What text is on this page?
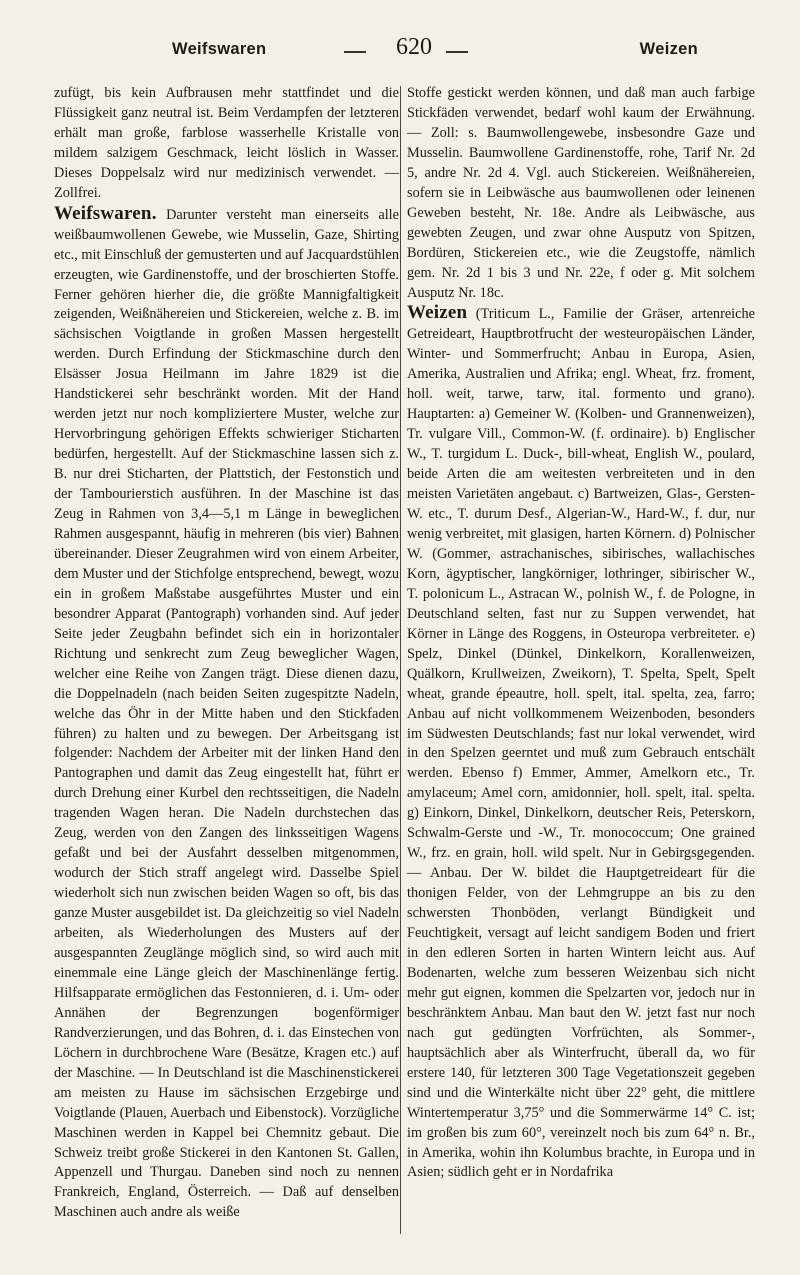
Weifswaren	620	Weizen

zufügt, bis kein Aufbrausen mehr stattfindet und die Flüssigkeit ganz neutral ist. Beim Verdampfen der letzteren erhält man große, farblose wasserhelle Kristalle von mildem salzigem Geschmack, leicht löslich in Wasser. Dieses Doppelsalz wird nur medizinisch verwendet. — Zollfrei.

Weifswaren. Darunter versteht man einerseits alle weißbaumwollenen Gewebe, wie Musselin, Gaze, Shirting etc., mit Einschluß der gemusterten und auf Jacquardstühlen erzeugten, wie Gardinenstoffe, und der broschierten Stoffe. Ferner gehören hierher die, die größte Mannigfaltigkeit zeigenden, Weißnähereien und Stickereien, welche z. B. im sächsischen Voigtlande in großen Massen hergestellt werden. Durch Erfindung der Stickmaschine durch den Elsässer Josua Heilmann im Jahre 1829 ist die Handstickerei sehr beschränkt worden. Mit der Hand werden jetzt nur noch kompliziertere Muster, welche zur Hervorbringung gehörigen Effekts schwieriger Sticharten bedürfen, hergestellt. Auf der Stickmaschine lassen sich z. B. nur drei Sticharten, der Plattstich, der Festonstich und der Tambourierstich ausführen. In der Maschine ist das Zeug in Rahmen von 3,4—5,1 m Länge in beweglichen Rahmen ausgespannt, häufig in mehreren (bis vier) Bahnen übereinander. Dieser Zeugrahmen wird von einem Arbeiter, dem Muster und der Stichfolge entsprechend, bewegt, wozu ein in großem Maßstabe ausgeführtes Muster und ein besondrer Apparat (Pantograph) vorhanden sind. Auf jeder Seite jeder Zeugbahn befindet sich ein in horizontaler Richtung und senkrecht zum Zeug beweglicher Wagen, welcher eine Reihe von Zangen trägt. Diese dienen dazu, die Doppelnadeln (nach beiden Seiten zugespitzte Nadeln, welche das Öhr in der Mitte haben und den Stickfaden führen) zu halten und zu bewegen. Der Arbeitsgang ist folgender: Nachdem der Arbeiter mit der linken Hand den Pantographen und damit das Zeug eingestellt hat, führt er durch Drehung einer Kurbel den rechtsseitigen, die Nadeln tragenden Wagen heran. Die Nadeln durchstechen das Zeug, werden von den Zangen des linksseitigen Wagens gefaßt und bei der Ausfahrt desselben mitgenommen, wodurch der Stich straff angelegt wird. Dasselbe Spiel wiederholt sich nun zwischen beiden Wagen so oft, bis das ganze Muster ausgebildet ist. Da gleichzeitig so viel Nadeln arbeiten, als Wiederholungen des Musters auf der ausgespannten Zeuglänge möglich sind, so wird auch mit einemmale eine Länge gleich der Maschinenlänge fertig. Hilfsapparate ermöglichen das Festonnieren, d. i. Um- oder Annähen der Begrenzungen bogenförmiger Randverzierungen, und das Bohren, d. i. das Einstechen von Löchern in durchbrochene Ware (Besätze, Kragen etc.) auf der Maschine. — In Deutschland ist die Maschinenstickerei am meisten zu Hause im sächsischen Erzgebirge und Voigtlande (Plauen, Auerbach und Eibenstock). Vorzügliche Maschinen werden in Kappel bei Chemnitz gebaut. Die Schweiz treibt große Stickerei in den Kantonen St. Gallen, Appenzell und Thurgau. Daneben sind noch zu nennen Frankreich, England, Österreich. — Daß auf denselben Maschinen auch andre als weiße

Stoffe gestickt werden können, und daß man auch farbige Stickfäden verwendet, bedarf wohl kaum der Erwähnung. — Zoll: s. Baumwollengewebe, insbesondre Gaze und Musselin. Baumwollene Gardinenstoffe, rohe, Tarif Nr. 2d 5, andre Nr. 2d 4. Vgl. auch Stickereien. Weißnähereien, sofern sie in Leibwäsche aus baumwollenen oder leinenen Geweben besteht, Nr. 18e. Andre als Leibwäsche, aus gewebten Zeugen, und zwar ohne Ausputz von Spitzen, Bordüren, Stickereien etc., wie die Zeugstoffe, nämlich gem. Nr. 2d 1 bis 3 und Nr. 22e, f oder g. Mit solchem Ausputz Nr. 18c.

Weizen (Triticum L., Familie der Gräser, artenreiche Getreideart, Hauptbrotfrucht der westeuropäischen Länder, Winter- und Sommerfrucht; Anbau in Europa, Asien, Amerika, Australien und Afrika; engl. Wheat, frz. froment, holl. weit, tarwe, tarw, ital. formento und grano). Hauptarten: a) Gemeiner W. (Kolben- und Grannenweizen), Tr. vulgare Vill., Common-W. (f. ordinaire). b) Englischer W., T. turgidum L. Duck-, bill-wheat, English W., poulard, beide Arten die am weitesten verbreiteten und in den meisten Varietäten angebaut. c) Bartweizen, Glas-, Gersten-W. etc., T. durum Desf., Algerian-W., Hard-W., f. dur, nur wenig verbreitet, mit glasigen, harten Körnern. d) Polnischer W. (Gommer, astrachanisches, sibirisches, wallachisches Korn, ägyptischer, langkörniger, lothringer, sibirischer W., T. polonicum L., Astracan W., polnish W., f. de Pologne, in Deutschland selten, fast nur zu Suppen verwendet, hat Körner in Länge des Roggens, in Osteuropa verbreiteter. e) Spelz, Dinkel (Dünkel, Dinkelkorn, Korallenweizen, Quälkorn, Krullweizen, Zweikorn), T. Spelta, Spelt, Spelt wheat, grande épeautre, holl. spelt, ital. spelta, zea, farro; Anbau auf nicht vollkommenem Weizenboden, besonders im Südwesten Deutschlands; fast nur lokal verwendet, wird in den Spelzen geerntet und muß zum Gebrauch entschält werden. Ebenso f) Emmer, Ammer, Amelkorn etc., Tr. amylaceum; Amel corn, amidonnier, holl. spelt, ital. spelta. g) Einkorn, Dinkel, Dinkelkorn, deutscher Reis, Peterskorn, Schwalm-Gerste und -W., Tr. monococcum; One grained W., frz. en grain, holl. wild spelt. Nur in Gebirgsgegenden. — Anbau. Der W. bildet die Hauptgetreideart für die thonigen Felder, von der Lehmgruppe an bis zu den schwersten Thonböden, verlangt Bündigkeit und Feuchtigkeit, versagt auf leicht sandigem Boden und friert in den edleren Sorten in harten Wintern leicht aus. Auf Bodenarten, welche zum besseren Weizenbau sich nicht mehr gut eignen, kommen die Spelzarten vor, jedoch nur in beschränktem Anbau. Man baut den W. jetzt fast nur noch nach gut gedüngten Vorfrüchten, als Sommer-, hauptsächlich aber als Winterfrucht, überall da, wo für erstere 140, für letzteren 300 Tage Vegetationszeit gegeben sind und die Winterkälte nicht über 22° geht, die mittlere Wintertemperatur 3,75° und die Sommerwärme 14° C. ist; im großen bis zum 60°, vereinzelt noch bis zum 64° n. Br., in Amerika, wohin ihn Kolumbus brachte, in Europa und in Asien; südlich geht er in Nordafrika
